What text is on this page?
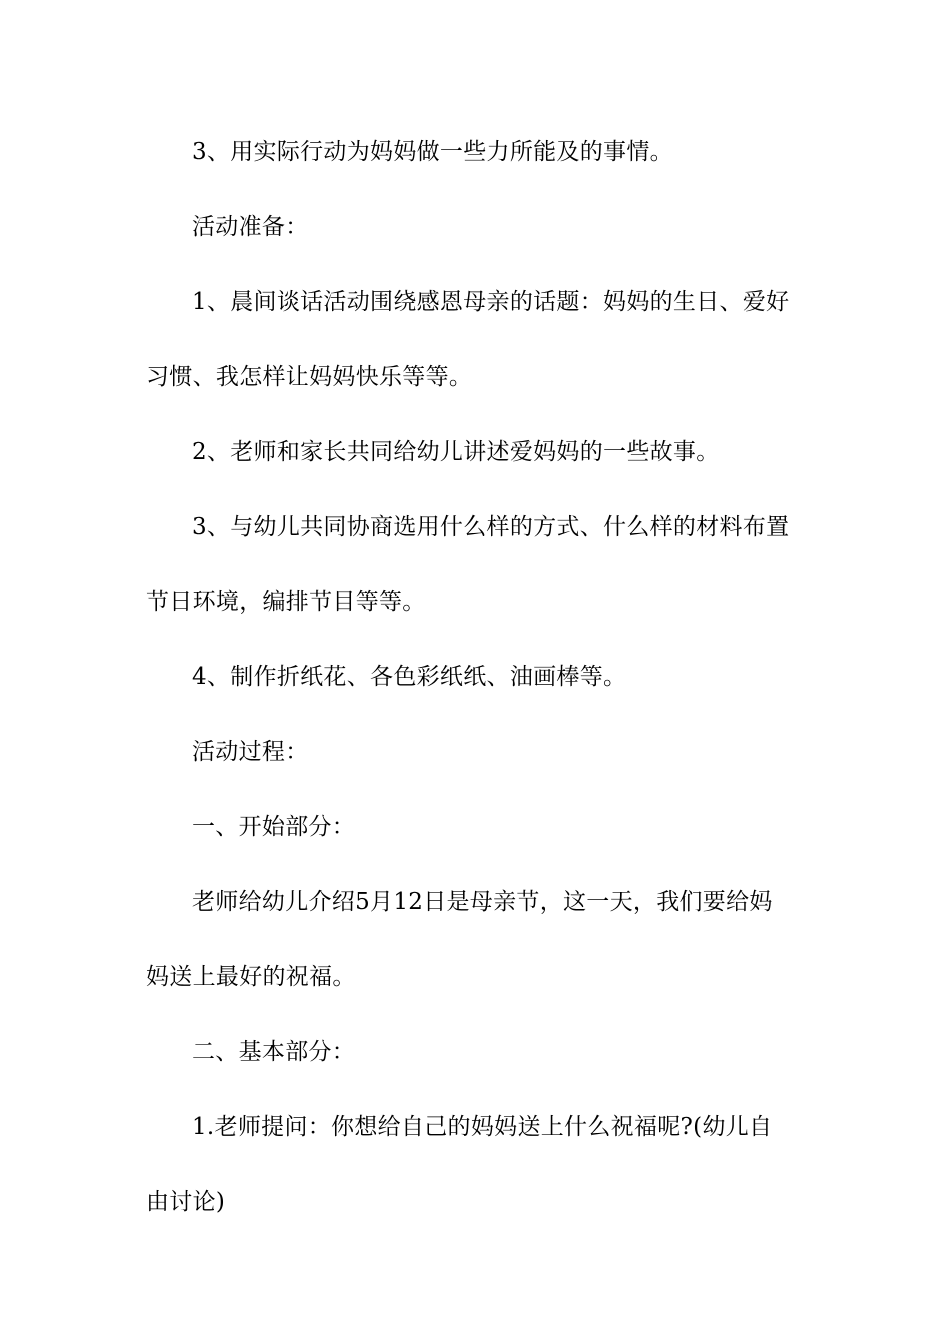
3、用实际行动为妈妈做一些力所能及的事情。
活动准备：
1、晨间谈话活动围绕感恩母亲的话题：妈妈的生日、爱好
习惯、我怎样让妈妈快乐等等。
2、老师和家长共同给幼儿讲述爱妈妈的一些故事。
3、与幼儿共同协商选用什么样的方式、什么样的材料布置
节日环境，编排节目等等。
4、制作折纸花、各色彩纸纸、油画棒等。
活动过程：
一、开始部分：
老师给幼儿介绍5月12日是母亲节，这一天，我们要给妈
妈送上最好的祝福。
二、基本部分：
1.老师提问：你想给自己的妈妈送上什么祝福呢?(幼儿自
由讨论)
